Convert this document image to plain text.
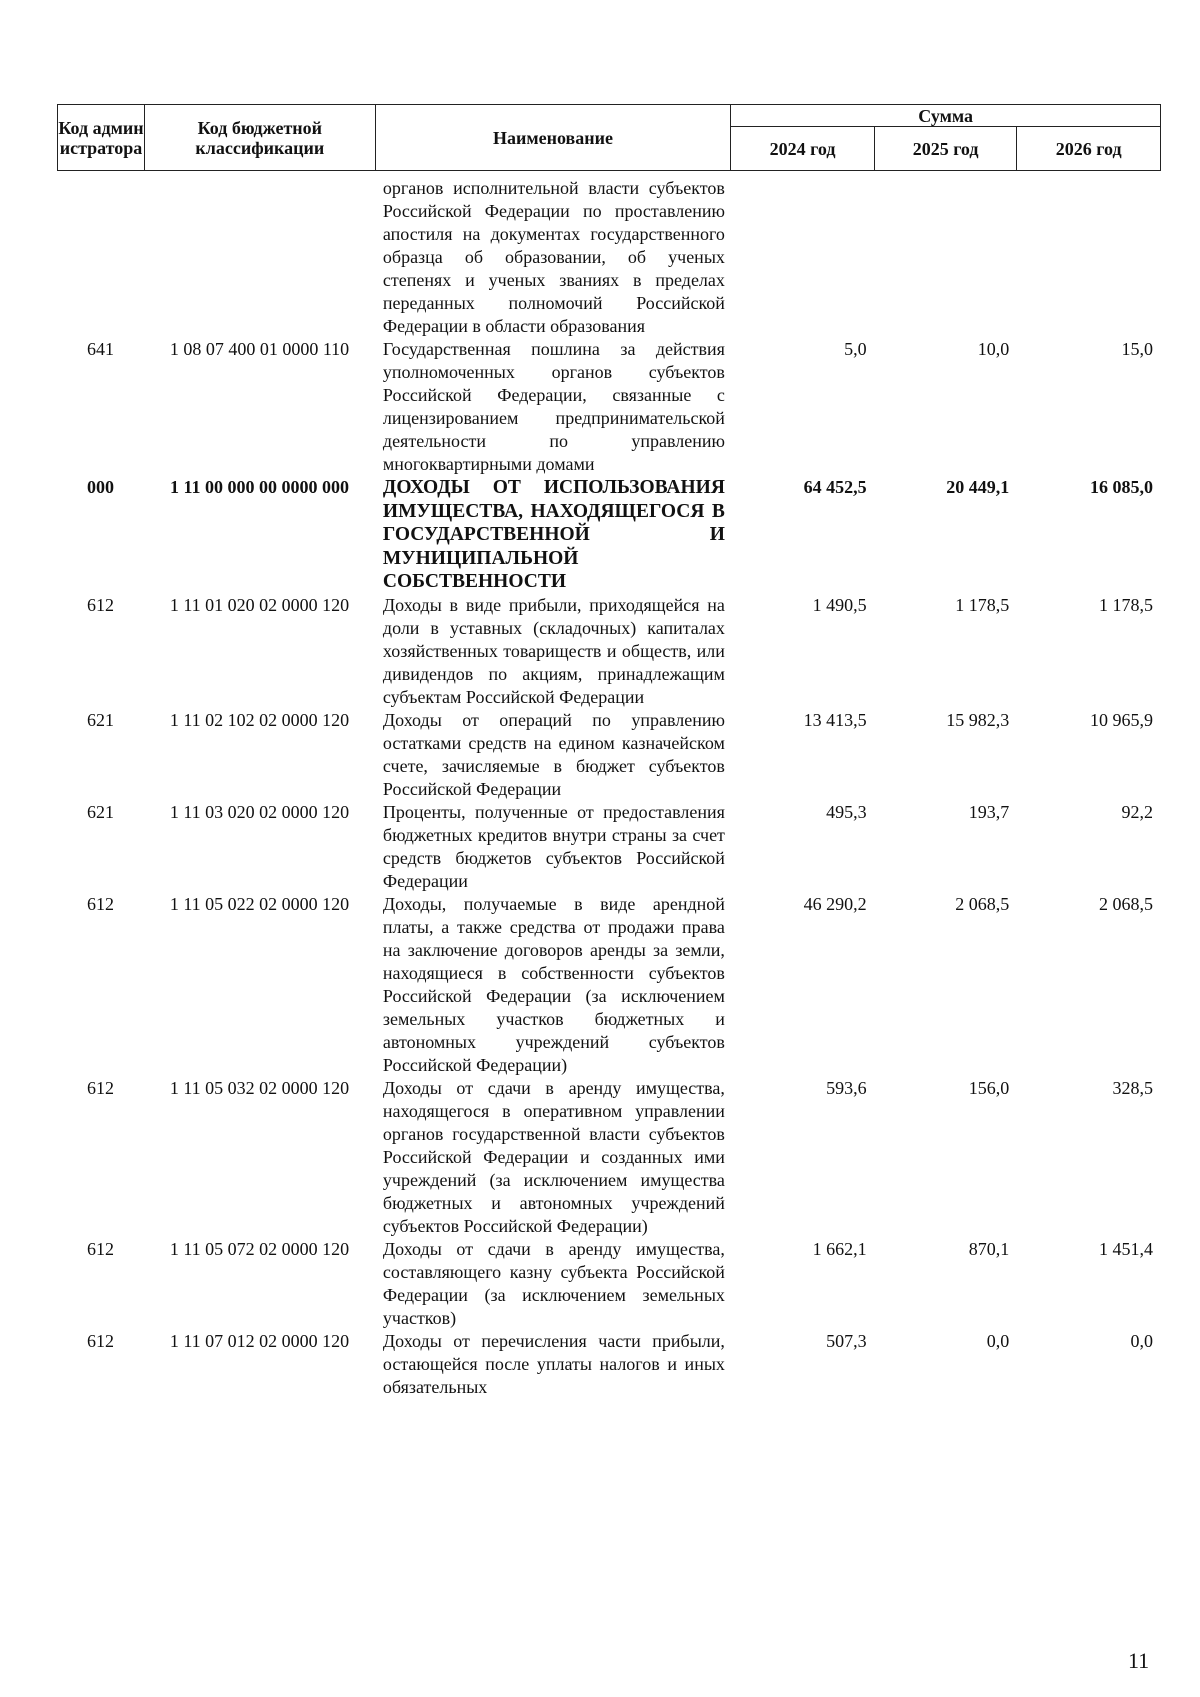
Код администратора	Код бюджетной классификации	Наименование	Сумма		
			2024 год	2025 год	2026 год
		органов исполнительной власти субъектов Российской Федерации по проставлению апостиля на документах государственного образца об образовании, об ученых степенях и ученых званиях в пределах переданных полномочий Российской Федерации в области образования			
641	1 08 07 400 01 0000 110	Государственная пошлина за действия уполномоченных органов субъектов Российской Федерации, связанные с лицензированием предпринимательской деятельности по управлению многоквартирными домами	5,0	10,0	15,0
000	1 11 00 000 00 0000 000	ДОХОДЫ ОТ ИСПОЛЬЗОВАНИЯ ИМУЩЕСТВА, НАХОДЯЩЕГОСЯ В ГОСУДАРСТВЕННОЙ И МУНИЦИПАЛЬНОЙ СОБСТВЕННОСТИ	64 452,5	20 449,1	16 085,0
612	1 11 01 020 02 0000 120	Доходы в виде прибыли, приходящейся на доли в уставных (складочных) капиталах хозяйственных товариществ и обществ, или дивидендов по акциям, принадлежащим субъектам Российской Федерации	1 490,5	1 178,5	1 178,5
621	1 11 02 102 02 0000 120	Доходы от операций по управлению остатками средств на едином казначейском счете, зачисляемые в бюджет субъектов Российской Федерации	13 413,5	15 982,3	10 965,9
621	1 11 03 020 02 0000 120	Проценты, полученные от предоставления бюджетных кредитов внутри страны за счет средств бюджетов субъектов Российской Федерации	495,3	193,7	92,2
612	1 11 05 022 02 0000 120	Доходы, получаемые в виде арендной платы, а также средства от продажи права на заключение договоров аренды за земли, находящиеся в собственности субъектов Российской Федерации (за исключением земельных участков бюджетных и автономных учреждений субъектов Российской Федерации)	46 290,2	2 068,5	2 068,5
612	1 11 05 032 02 0000 120	Доходы от сдачи в аренду имущества, находящегося в оперативном управлении органов государственной власти субъектов Российской Федерации и созданных ими учреждений (за исключением имущества бюджетных и автономных учреждений субъектов Российской Федерации)	593,6	156,0	328,5
612	1 11 05 072 02 0000 120	Доходы от сдачи в аренду имущества, составляющего казну субъекта Российской Федерации (за исключением земельных участков)	1 662,1	870,1	1 451,4
612	1 11 07 012 02 0000 120	Доходы от перечисления части прибыли, остающейся после уплаты налогов и иных обязательных	507,3	0,0	0,0
11
